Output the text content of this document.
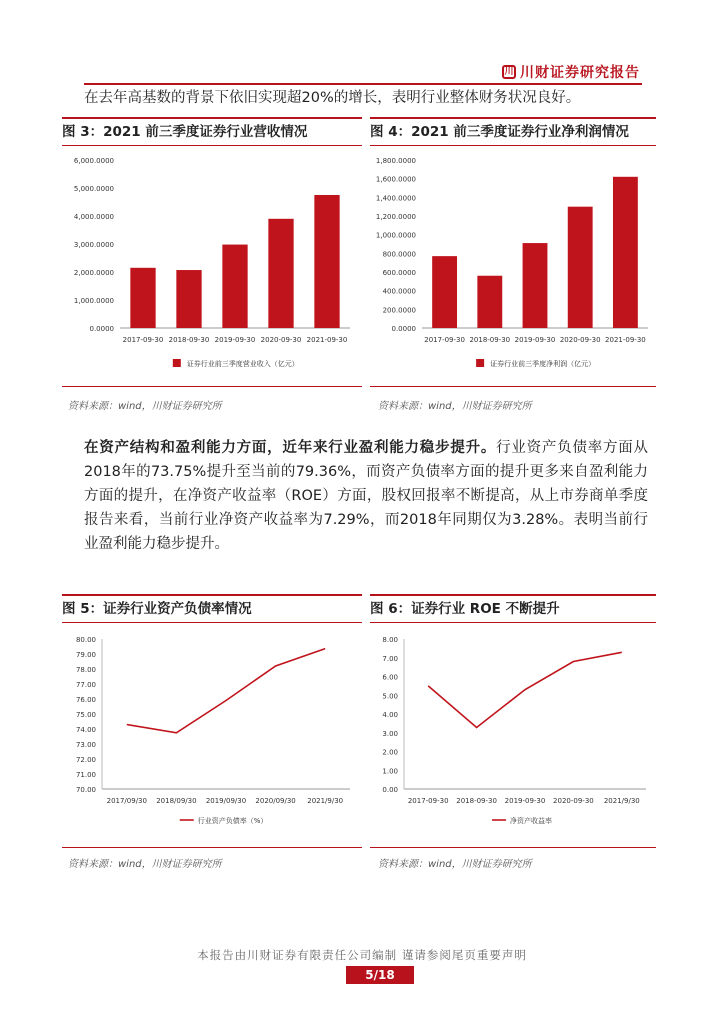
川 川财证券研究报告
在去年高基数的背景下依旧实现超20%的增长，表明行业整体财务状况良好。
图 3：2021 前三季度证券行业营收情况
0.0000
1,000.0000
2,000.0000
3,000.0000
4,000.0000
5,000.0000
6,000.0000
2017-09-30 2018-09-30 2019-09-30 2020-09-30 2021-09-30
证券行业前三季度营业收入（亿元）
资料来源：wind，川财证券研究所
图 4：2021 前三季度证券行业净利润情况
0.0000
200.0000
400.0000
600.0000
800.0000
1,000.0000
1,200.0000
1,400.0000
1,600.0000
1,800.0000
2017-09-30 2018-09-30 2019-09-30 2020-09-30 2021-09-30
证券行业前三季度净利润（亿元）
资料来源：wind，川财证券研究所
在资产结构和盈利能力方面，近年来行业盈利能力稳步提升。行业资产负债率方面从2018年的73.75%提升至当前的79.36%，而资产负债率方面的提升更多来自盈利能力方面的提升，在净资产收益率（ROE）方面，股权回报率不断提高，从上市券商单季度报告来看，当前行业净资产收益率为7.29%，而2018年同期仅为3.28%。表明当前行业盈利能力稳步提升。
图 5：证券行业资产负债率情况
70.00
71.00
72.00
73.00
74.00
75.00
76.00
77.00
78.00
79.00
80.00
2017/09/30 2018/09/30 2019/09/30 2020/09/30 2021/9/30
行业资产负债率（%）
资料来源：wind，川财证券研究所
图 6：证券行业 ROE 不断提升
0.00
1.00
2.00
3.00
4.00
5.00
6.00
7.00
8.00
2017-09-30 2018-09-30 2019-09-30 2020-09-30 2021/9/30
净资产收益率
资料来源：wind，川财证券研究所
本报告由川财证券有限责任公司编制 谨请参阅尾页重要声明
5/18
